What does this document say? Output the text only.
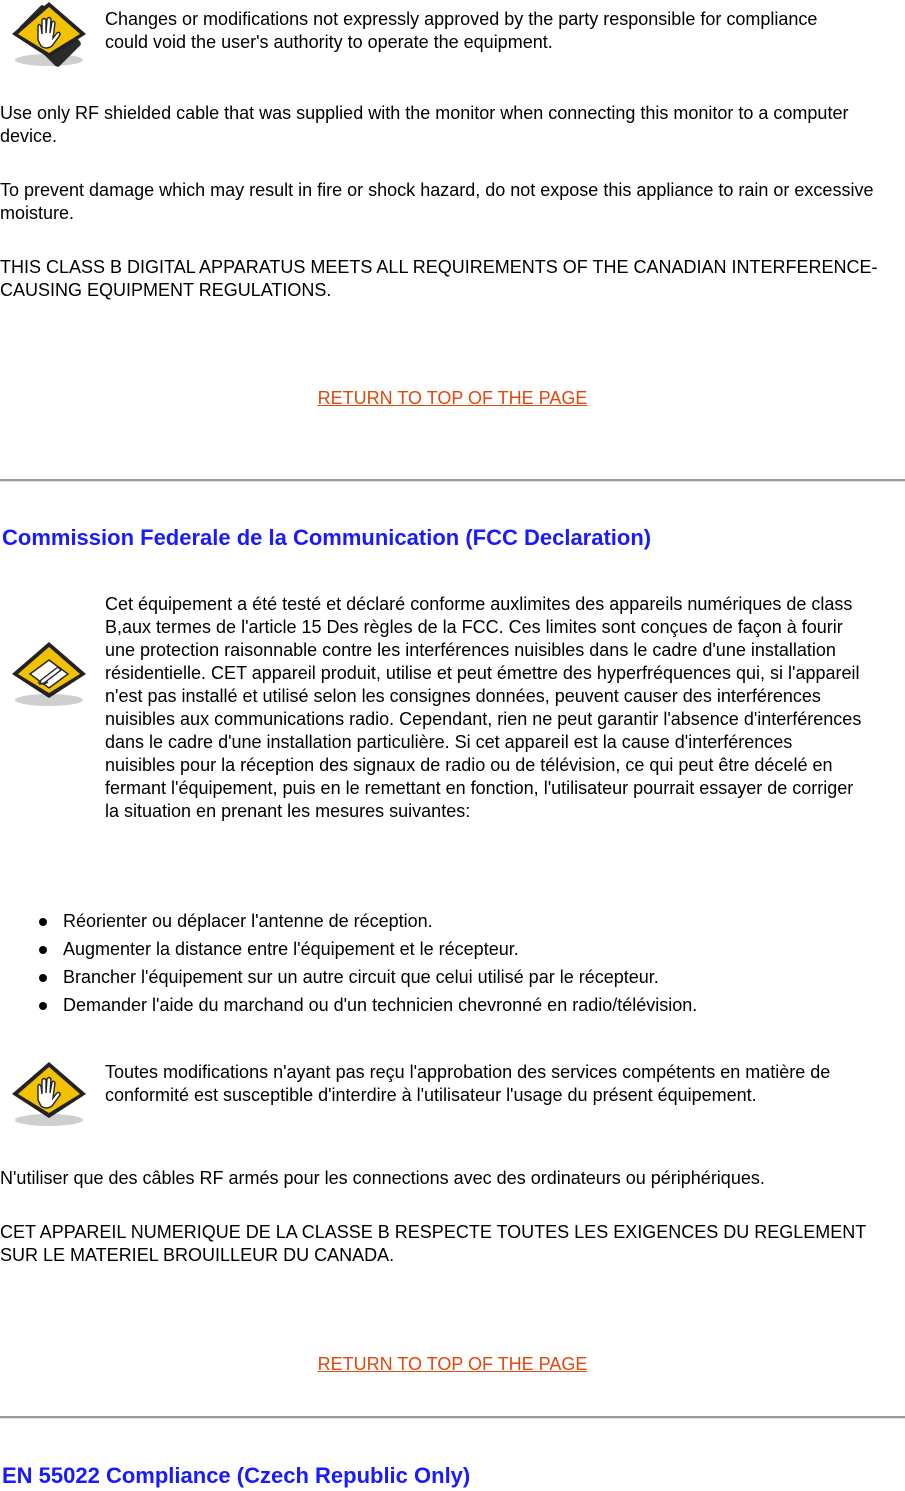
Changes or modifications not expressly approved by the party responsible for compliance could void the user's authority to operate the equipment.

Use only RF shielded cable that was supplied with the monitor when connecting this monitor to a computer device.

To prevent damage which may result in fire or shock hazard, do not expose this appliance to rain or excessive moisture.

THIS CLASS B DIGITAL APPARATUS MEETS ALL REQUIREMENTS OF THE CANADIAN INTERFERENCE-CAUSING EQUIPMENT REGULATIONS.

RETURN TO TOP OF THE PAGE
Commission Federale de la Communication (FCC Declaration)

Cet équipement a été testé et déclaré conforme auxlimites des appareils numériques de class B,aux termes de l'article 15 Des règles de la FCC. Ces limites sont conçues de façon à fourir une protection raisonnable contre les interférences nuisibles dans le cadre d'une installation résidentielle. CET appareil produit, utilise et peut émettre des hyperfréquences qui, si l'appareil n'est pas installé et utilisé selon les consignes données, peuvent causer des interférences nuisibles aux communications radio. Cependant, rien ne peut garantir l'absence d'interférences dans le cadre d'une installation particulière. Si cet appareil est la cause d'interférences nuisibles pour la réception des signaux de radio ou de télévision, ce qui peut être décelé en fermant l'équipement, puis en le remettant en fonction, l'utilisateur pourrait essayer de corriger la situation en prenant les mesures suivantes:

Réorienter ou déplacer l'antenne de réception.
Augmenter la distance entre l'équipement et le récepteur.
Brancher l'équipement sur un autre circuit que celui utilisé par le récepteur.
Demander l'aide du marchand ou d'un technicien chevronné en radio/télévision.

Toutes modifications n'ayant pas reçu l'approbation des services compétents en matière de conformité est susceptible d'interdire à l'utilisateur l'usage du présent équipement.

N'utiliser que des câbles RF armés pour les connections avec des ordinateurs ou périphériques.

CET APPAREIL NUMERIQUE DE LA CLASSE B RESPECTE TOUTES LES EXIGENCES DU REGLEMENT SUR LE MATERIEL BROUILLEUR DU CANADA.

RETURN TO TOP OF THE PAGE
EN 55022 Compliance (Czech Republic Only)
